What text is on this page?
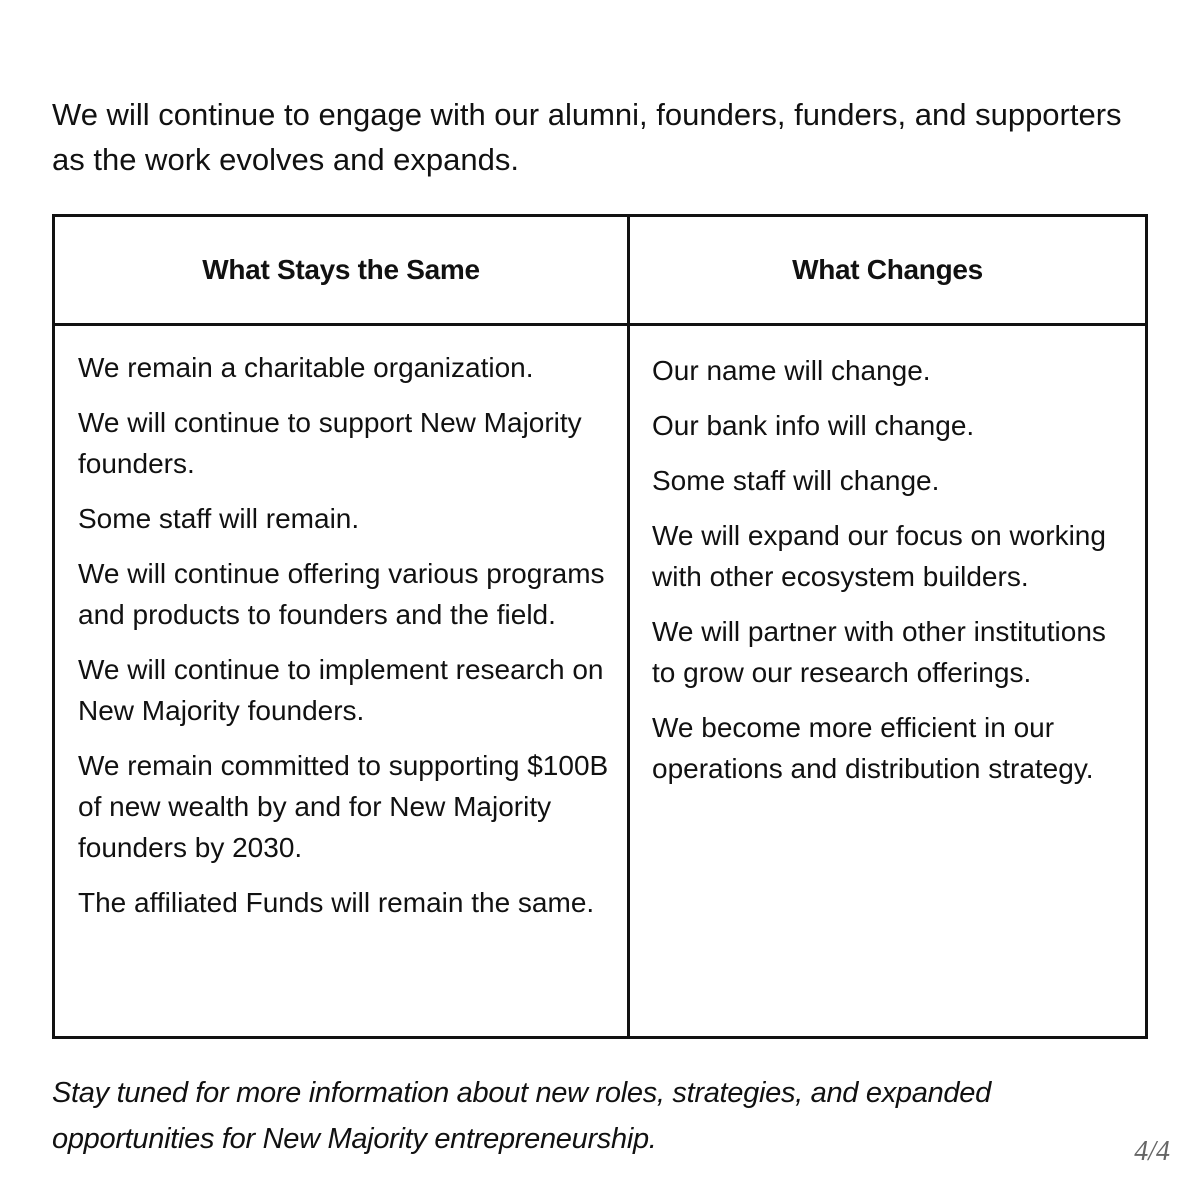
We will continue to engage with our alumni, founders, funders, and supporters as the work evolves and expands.

What Stays the Same	What Changes
We remain a charitable organization.
We will continue to support New Majority founders.
Some staff will remain.
We will continue offering various programs and products to founders and the field.
We will continue to implement research on New Majority founders.
We remain committed to supporting $100B of new wealth by and for New Majority founders by 2030.
The affiliated Funds will remain the same.
Our name will change.
Our bank info will change.
Some staff will change.
We will expand our focus on working with other ecosystem builders.
We will partner with other institutions to grow our research offerings.
We become more efficient in our operations and distribution strategy.

Stay tuned for more information about new roles, strategies, and expanded opportunities for New Majority entrepreneurship.	4/4
